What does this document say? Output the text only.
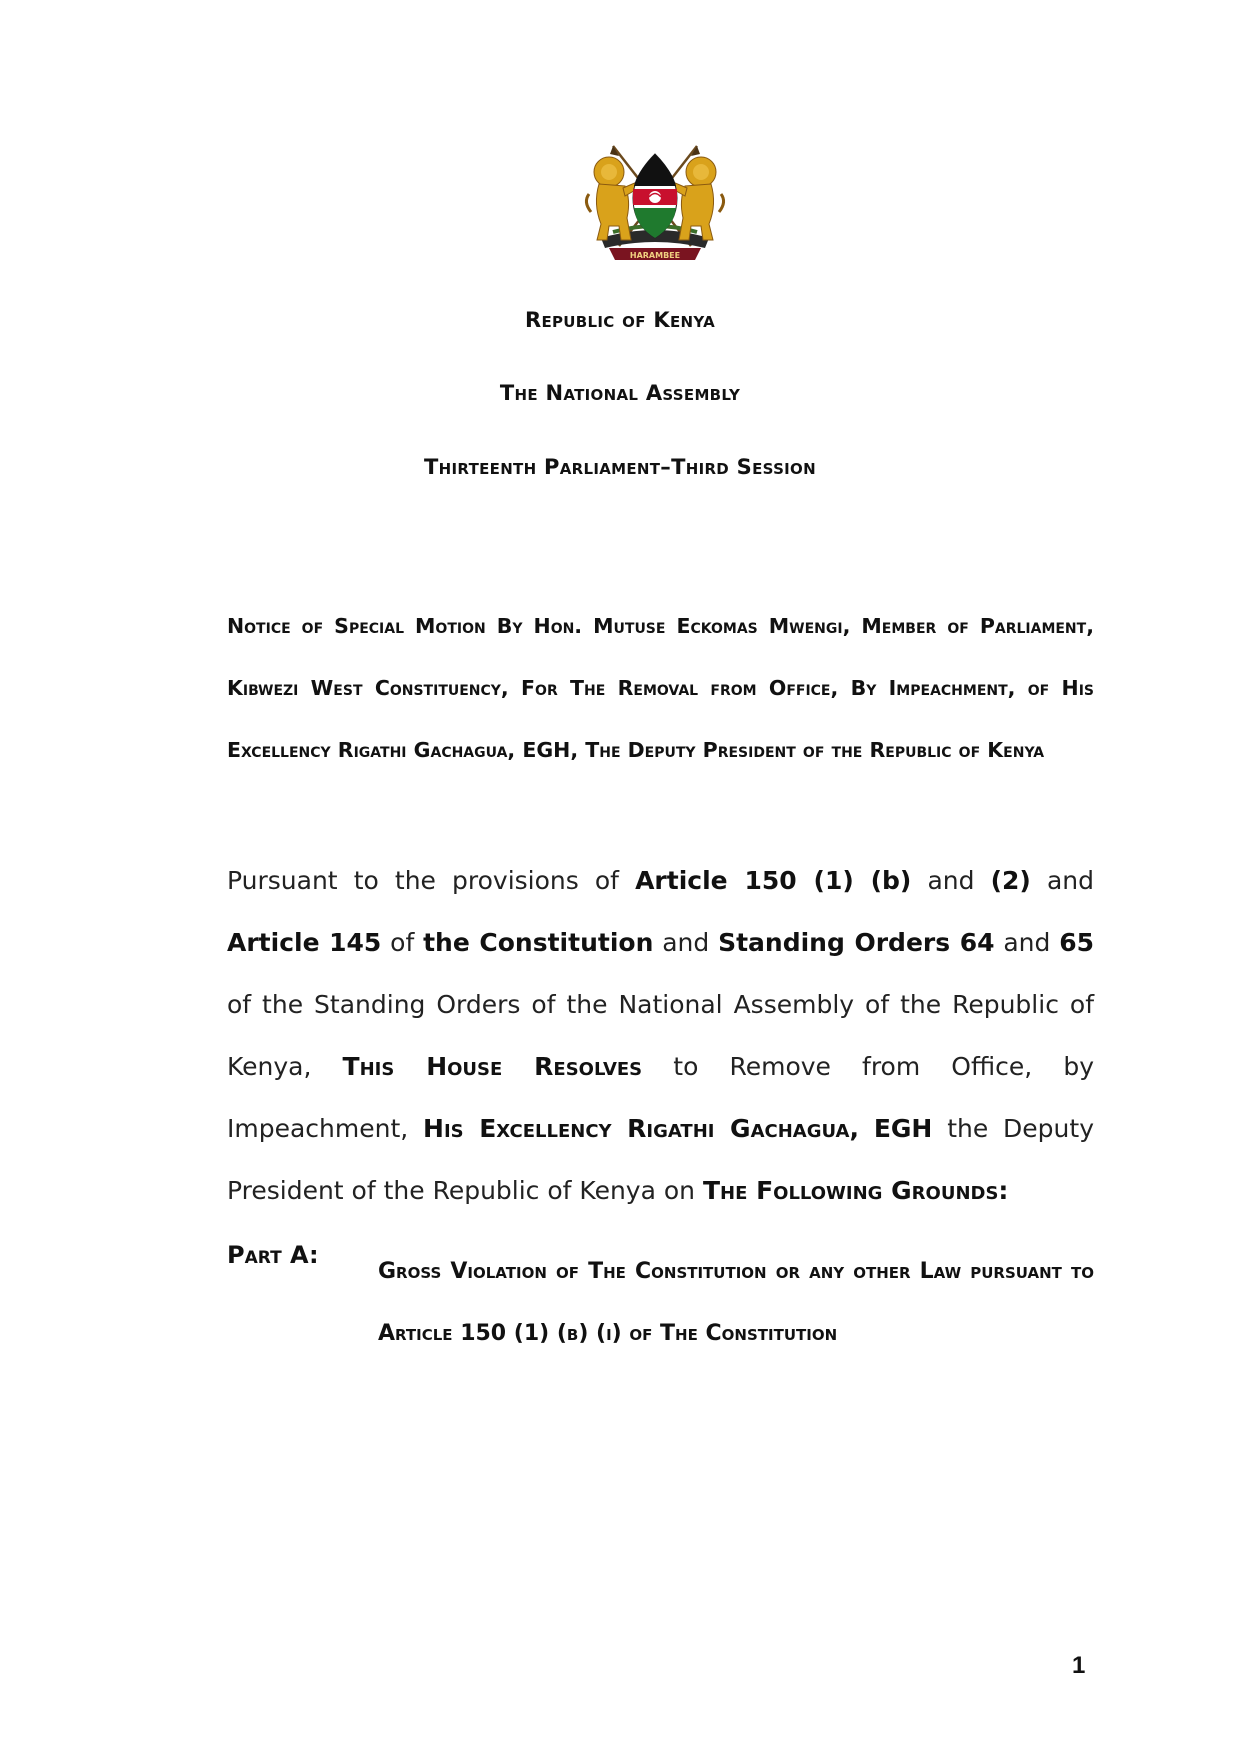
HARAMBEE
Republic of Kenya
The National Assembly
Thirteenth Parliament–Third Session
Notice of Special Motion By Hon. Mutuse Eckomas Mwengi, Member of Parliament, Kibwezi West Constituency, For The Removal from Office, By Impeachment, of His Excellency Rigathi Gachagua, EGH, The Deputy President of the Republic of Kenya
Pursuant to the provisions of Article 150 (1) (b) and (2) and Article 145 of the Constitution and Standing Orders 64 and 65 of the Standing Orders of the National Assembly of the Republic of Kenya, This House Resolves to Remove from Office, by Impeachment, His Excellency Rigathi Gachagua, EGH the Deputy President of the Republic of Kenya on The Following Grounds:
Part A:
Gross Violation of The Constitution or any other Law pursuant to Article 150 (1) (b) (i) of The Constitution
1
